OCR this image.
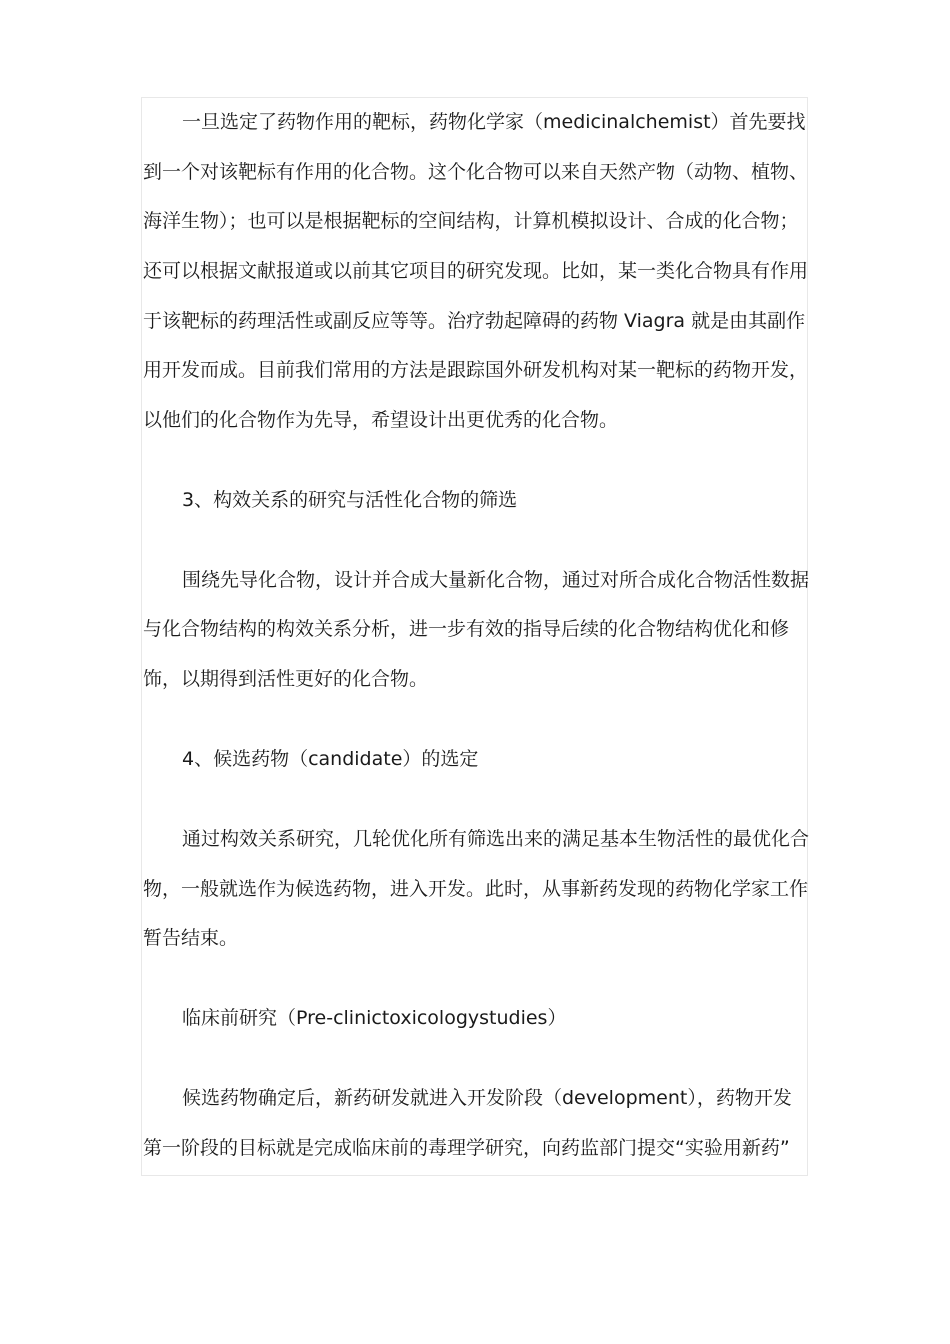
一旦选定了药物作用的靶标，药物化学家（medicinalchemist）首先要找
到一个对该靶标有作用的化合物。这个化合物可以来自天然产物（动物、植物、
海洋生物）；也可以是根据靶标的空间结构，计算机模拟设计、合成的化合物；
还可以根据文献报道或以前其它项目的研究发现。比如，某一类化合物具有作用
于该靶标的药理活性或副反应等等。治疗勃起障碍的药物 Viagra 就是由其副作
用开发而成。目前我们常用的方法是跟踪国外研发机构对某一靶标的药物开发，
以他们的化合物作为先导，希望设计出更优秀的化合物。
3、构效关系的研究与活性化合物的筛选
围绕先导化合物，设计并合成大量新化合物，通过对所合成化合物活性数据
与化合物结构的构效关系分析，进一步有效的指导后续的化合物结构优化和修
饰，以期得到活性更好的化合物。
4、候选药物（candidate）的选定
通过构效关系研究，几轮优化所有筛选出来的满足基本生物活性的最优化合
物，一般就选作为候选药物，进入开发。此时，从事新药发现的药物化学家工作
暂告结束。
临床前研究（Pre-clinictoxicologystudies）
候选药物确定后，新药研发就进入开发阶段（development），药物开发
第一阶段的目标就是完成临床前的毒理学研究，向药监部门提交“实验用新药”
